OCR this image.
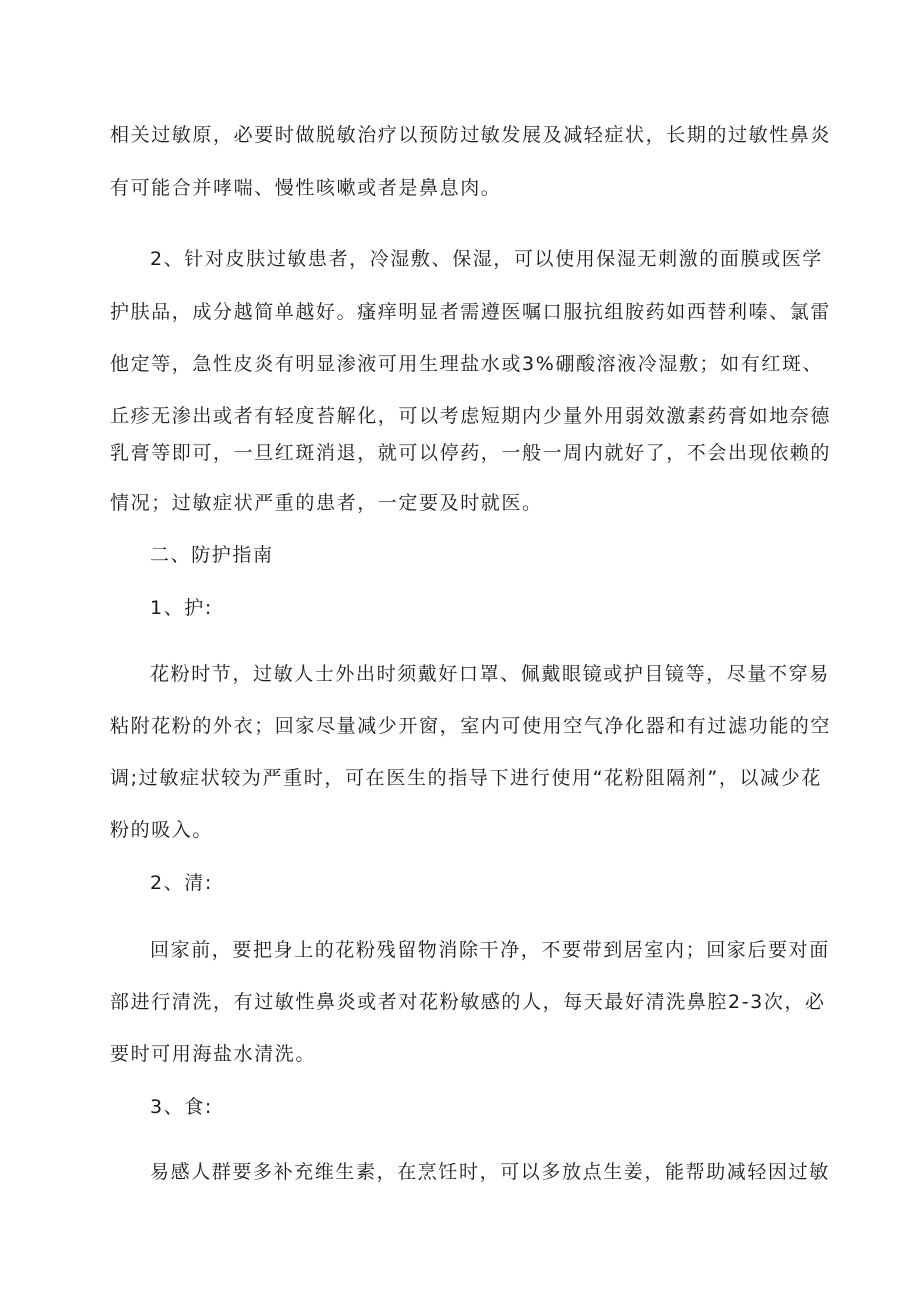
相关过敏原，必要时做脱敏治疗以预防过敏发展及减轻症状，长期的过敏性鼻炎
有可能合并哮喘、慢性咳嗽或者是鼻息肉。
2、针对皮肤过敏患者，冷湿敷、保湿，可以使用保湿无刺激的面膜或医学
护肤品，成分越简单越好。瘙痒明显者需遵医嘱口服抗组胺药如西替利嗪、氯雷
他定等，急性皮炎有明显渗液可用生理盐水或3%硼酸溶液冷湿敷；如有红斑、
丘疹无渗出或者有轻度苔解化，可以考虑短期内少量外用弱效激素药膏如地奈德
乳膏等即可，一旦红斑消退，就可以停药，一般一周内就好了，不会出现依赖的
情况；过敏症状严重的患者，一定要及时就医。
二、防护指南
1、护:
花粉时节，过敏人士外出时须戴好口罩、佩戴眼镜或护目镜等，尽量不穿易
粘附花粉的外衣；回家尽量减少开窗，室内可使用空气净化器和有过滤功能的空
调;过敏症状较为严重时，可在医生的指导下进行使用“花粉阻隔剂”，以减少花
粉的吸入。
2、清:
回家前，要把身上的花粉残留物消除干净，不要带到居室内；回家后要对面
部进行清洗，有过敏性鼻炎或者对花粉敏感的人，每天最好清洗鼻腔2-3次，必
要时可用海盐水清洗。
3、食:
易感人群要多补充维生素，在烹饪时，可以多放点生姜，能帮助减轻因过敏
